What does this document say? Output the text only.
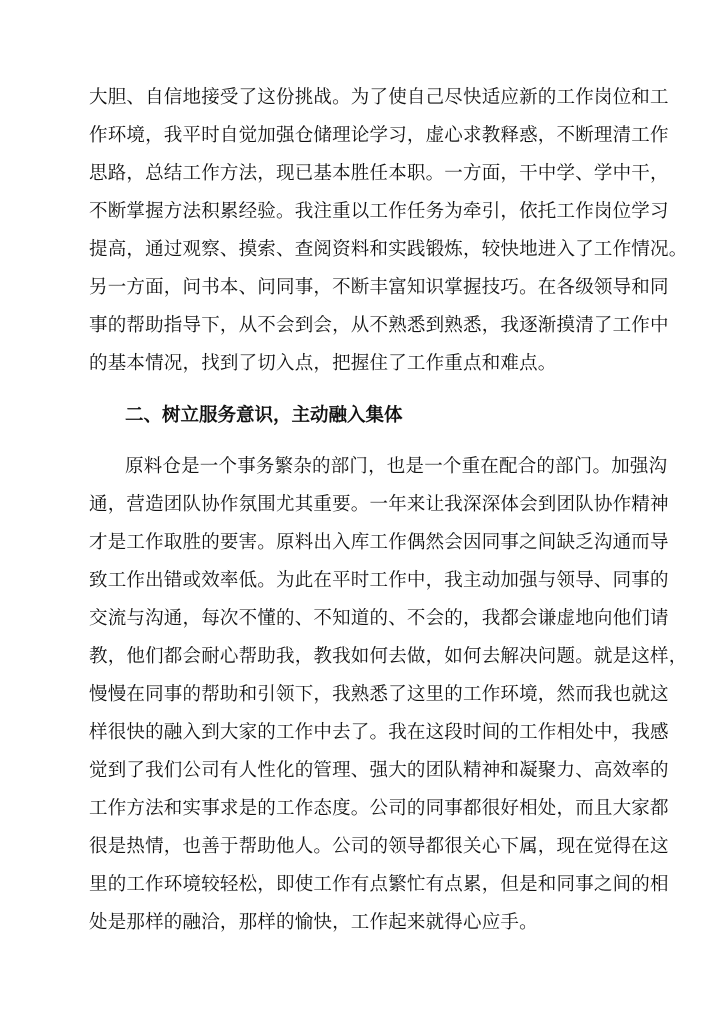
大胆、自信地接受了这份挑战。为了使自己尽快适应新的工作岗位和工
作环境，我平时自觉加强仓储理论学习，虚心求教释惑，不断理清工作
思路，总结工作方法，现已基本胜任本职。一方面，干中学、学中干，
不断掌握方法积累经验。我注重以工作任务为牵引，依托工作岗位学习
提高，通过观察、摸索、查阅资料和实践锻炼，较快地进入了工作情况。
另一方面，问书本、问同事，不断丰富知识掌握技巧。在各级领导和同
事的帮助指导下，从不会到会，从不熟悉到熟悉，我逐渐摸清了工作中
的基本情况，找到了切入点，把握住了工作重点和难点。
二、树立服务意识，主动融入集体
原料仓是一个事务繁杂的部门，也是一个重在配合的部门。加强沟
通，营造团队协作氛围尤其重要。一年来让我深深体会到团队协作精神
才是工作取胜的要害。原料出入库工作偶然会因同事之间缺乏沟通而导
致工作出错或效率低。为此在平时工作中，我主动加强与领导、同事的
交流与沟通，每次不懂的、不知道的、不会的，我都会谦虚地向他们请
教，他们都会耐心帮助我，教我如何去做，如何去解决问题。就是这样，
慢慢在同事的帮助和引领下，我熟悉了这里的工作环境，然而我也就这
样很快的融入到大家的工作中去了。我在这段时间的工作相处中，我感
觉到了我们公司有人性化的管理、强大的团队精神和凝聚力、高效率的
工作方法和实事求是的工作态度。公司的同事都很好相处，而且大家都
很是热情，也善于帮助他人。公司的领导都很关心下属，现在觉得在这
里的工作环境较轻松，即使工作有点繁忙有点累，但是和同事之间的相
处是那样的融洽，那样的愉快，工作起来就得心应手。
